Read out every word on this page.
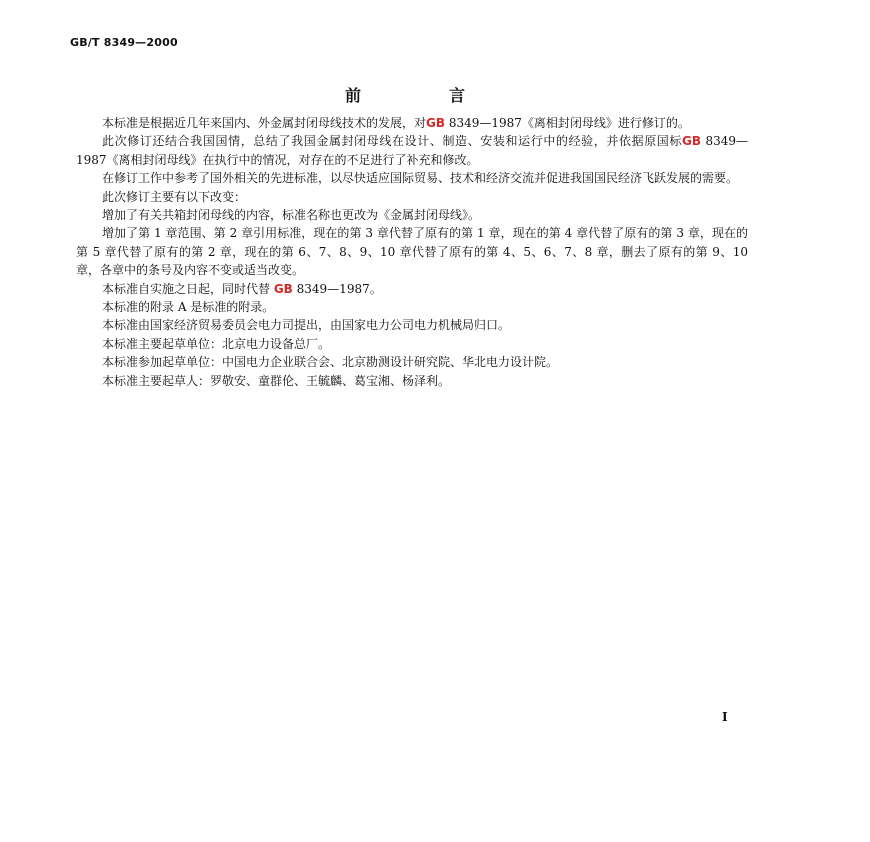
GB/T 8349—2000
前言

本标准是根据近几年来国内、外金属封闭母线技术的发展，对GB 8349—1987《离相封闭母线》进行修订的。

此次修订还结合我国国情，总结了我国金属封闭母线在设计、制造、安装和运行中的经验，并依据原国标GB 8349—1987《离相封闭母线》在执行中的情况，对存在的不足进行了补充和修改。

在修订工作中参考了国外相关的先进标准，以尽快适应国际贸易、技术和经济交流并促进我国国民经济飞跃发展的需要。

此次修订主要有以下改变：

增加了有关共箱封闭母线的内容，标准名称也更改为《金属封闭母线》。

增加了第 1 章范围、第 2 章引用标准，现在的第 3 章代替了原有的第 1 章，现在的第 4 章代替了原有的第 3 章，现在的第 5 章代替了原有的第 2 章，现在的第 6、7、8、9、10 章代替了原有的第 4、5、6、7、8 章，删去了原有的第 9、10 章，各章中的条号及内容不变或适当改变。

本标准自实施之日起，同时代替 GB 8349—1987。

本标准的附录 A 是标准的附录。

本标准由国家经济贸易委员会电力司提出，由国家电力公司电力机械局归口。

本标准主要起草单位：北京电力设备总厂。

本标准参加起草单位：中国电力企业联合会、北京勘测设计研究院、华北电力设计院。

本标准主要起草人：罗敬安、童群伦、王毓麟、葛宝湘、杨泽利。

I
